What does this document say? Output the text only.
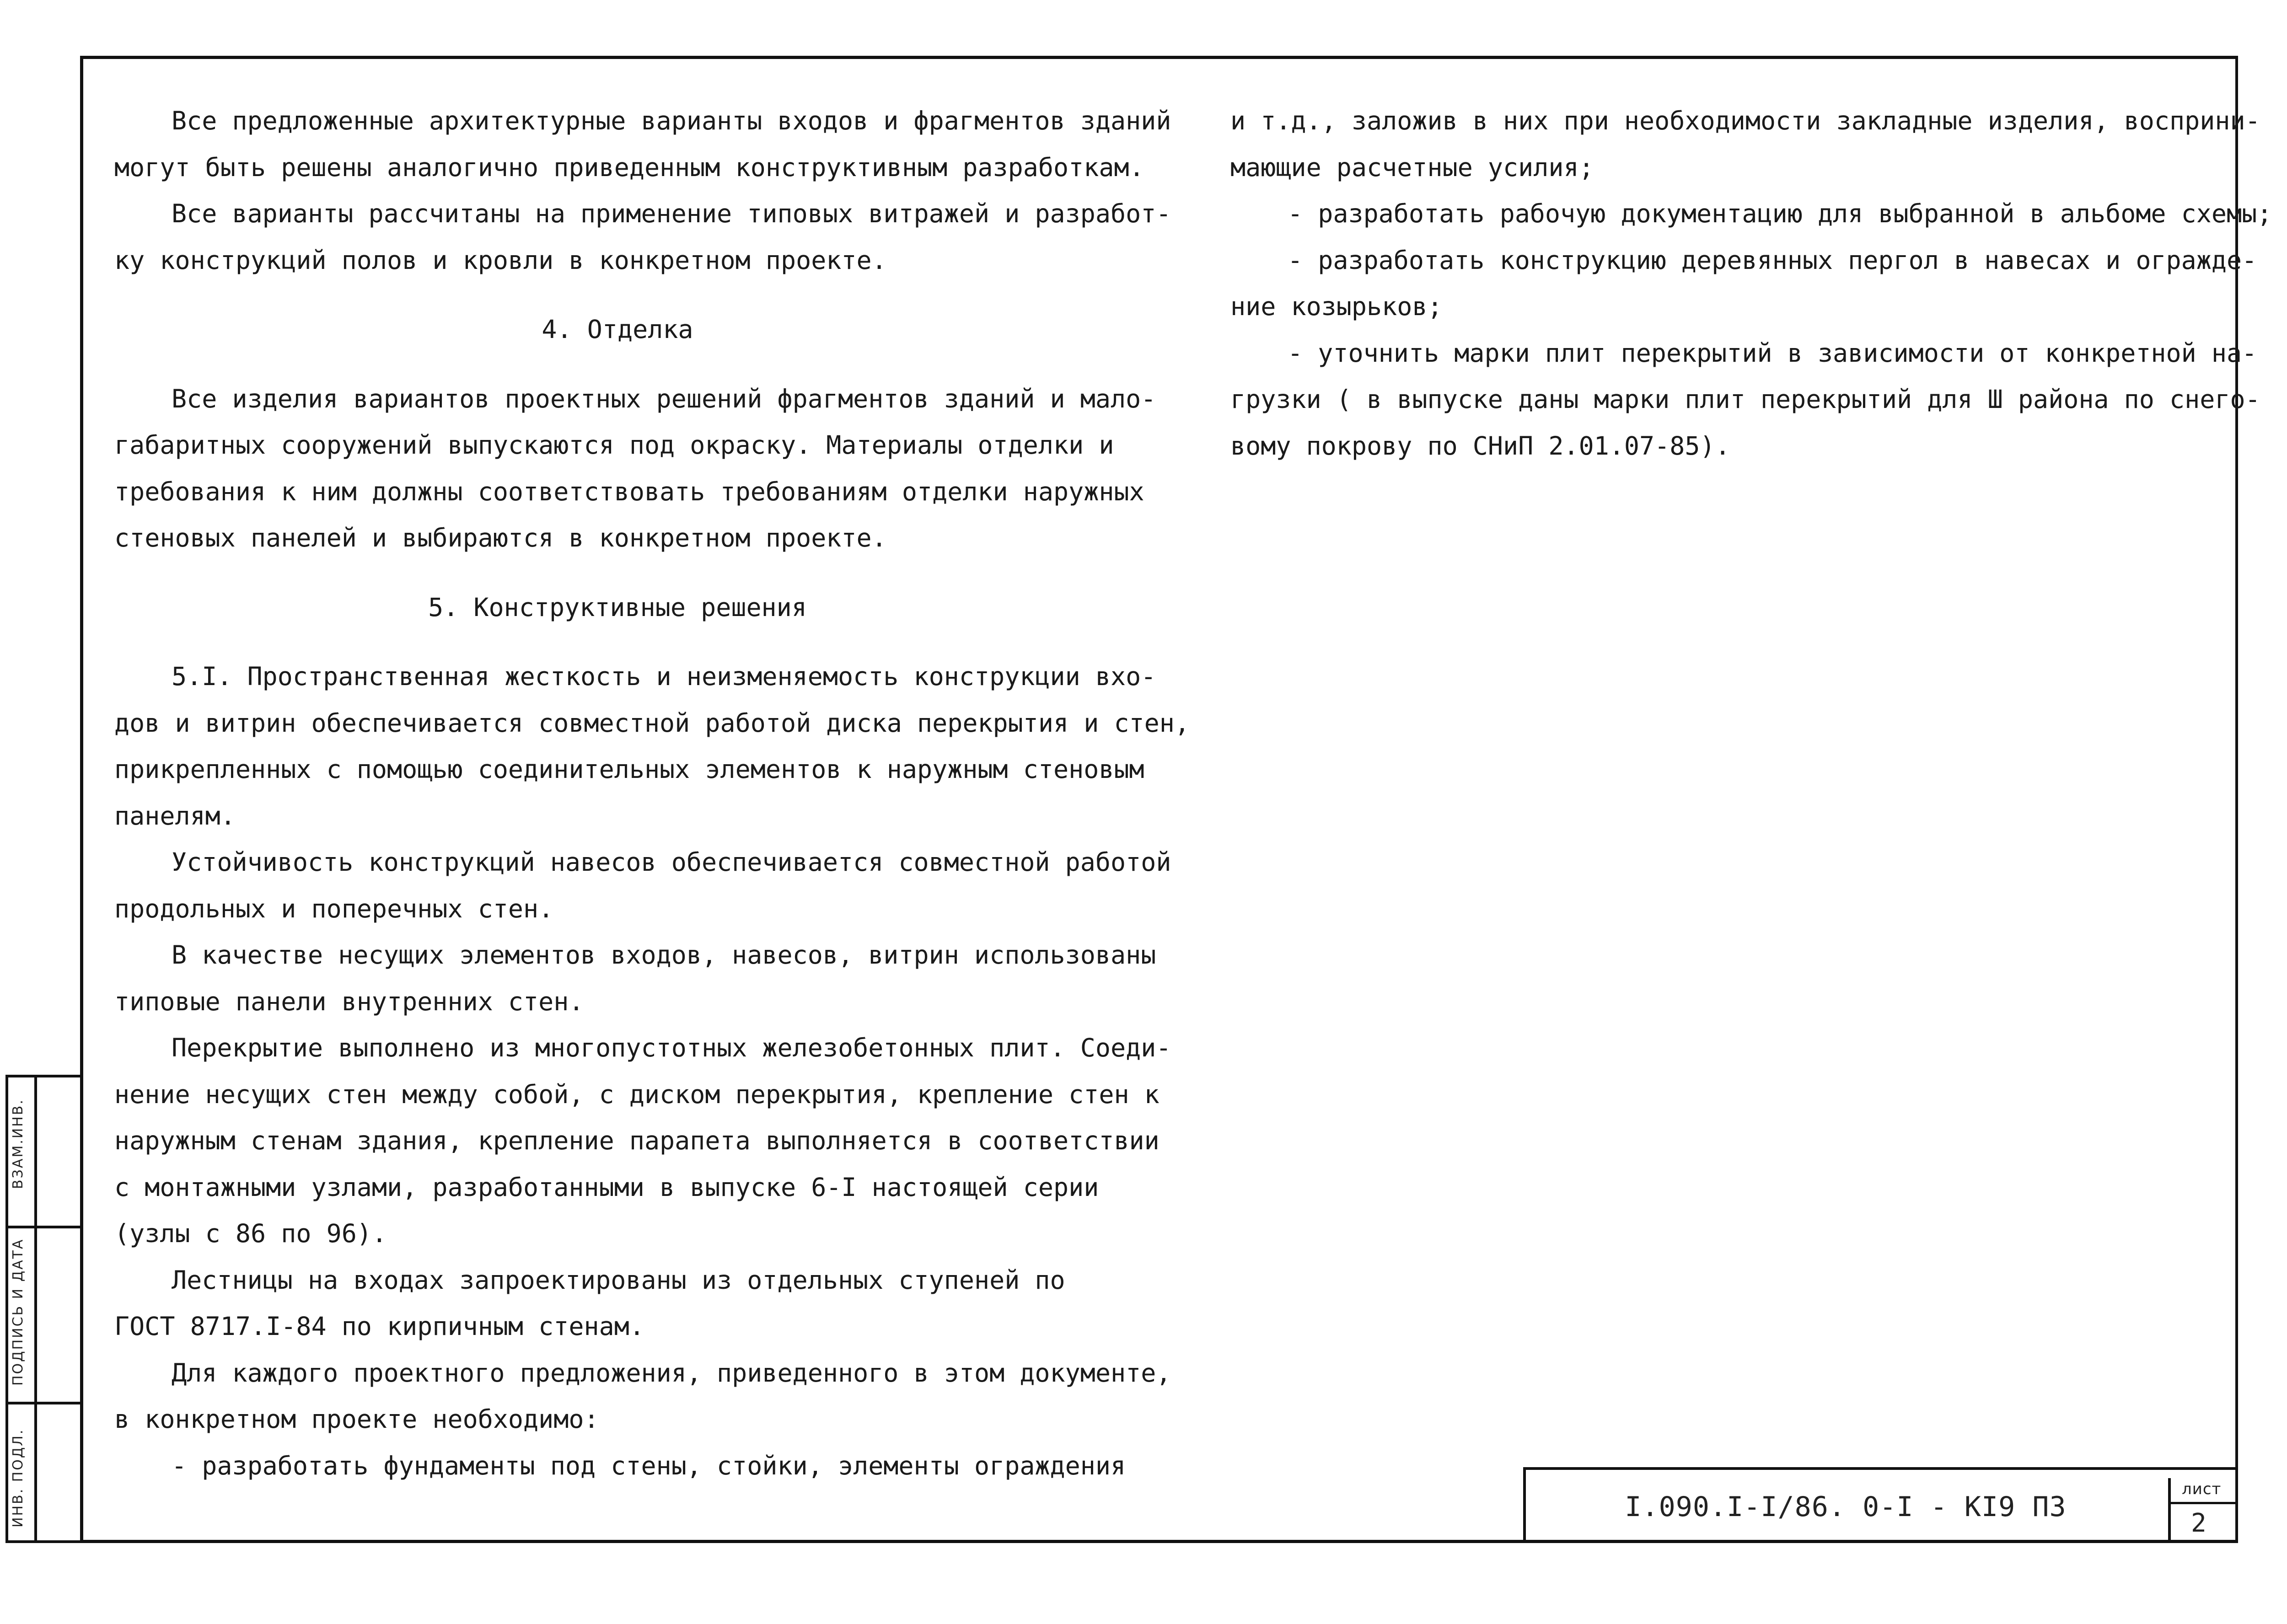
Все предложенные архитектурные варианты входов и фрагментов зданий
могут быть решены аналогично приведенным конструктивным разработкам.
Все варианты рассчитаны на применение типовых витражей и разработ-
ку конструкций полов и кровли в конкретном проекте.
4. Отделка
Все изделия вариантов проектных решений фрагментов зданий и мало-
габаритных сооружений выпускаются под окраску. Материалы отделки и
требования к ним должны соответствовать требованиям отделки наружных
стеновых панелей и выбираются в конкретном проекте.
5. Конструктивные решения
5.I. Пространственная жесткость и неизменяемость конструкции вхо-
дов и витрин обеспечивается совместной работой диска перекрытия и стен,
прикрепленных с помощью соединительных элементов к наружным стеновым
панелям.
Устойчивость конструкций навесов обеспечивается совместной работой
продольных и поперечных стен.
В качестве несущих элементов входов, навесов, витрин использованы
типовые панели внутренних стен.
Перекрытие выполнено из многопустотных железобетонных плит. Соеди-
нение несущих стен между собой, с диском перекрытия, крепление стен к
наружным стенам здания, крепление парапета выполняется в соответствии
с монтажными узлами, разработанными в выпуске 6-I настоящей серии
(узлы с 86 по 96).
Лестницы на входах запроектированы из отдельных ступеней по
ГОСТ 8717.I-84 по кирпичным стенам.
Для каждого проектного предложения, приведенного в этом документе,
в конкретном проекте необходимо:
- разработать фундаменты под стены, стойки, элементы ограждения
и т.д., заложив в них при необходимости закладные изделия, восприни-
мающие расчетные усилия;
- разработать рабочую документацию для выбранной в альбоме схемы;
- разработать конструкцию деревянных пергол в навесах и огражде-
ние козырьков;
- уточнить марки плит перекрытий в зависимости от конкретной на-
грузки ( в выпуске даны марки плит перекрытий для Ш района по снего-
вому покрову по СНиП 2.01.07-85).
I.090.I-I/86. 0-I - KI9 ПЗ
лист
2
ВЗАМ.ИНВ.
ПОДПИСЬ И ДАТА
ИНВ. ПОДЛ.
